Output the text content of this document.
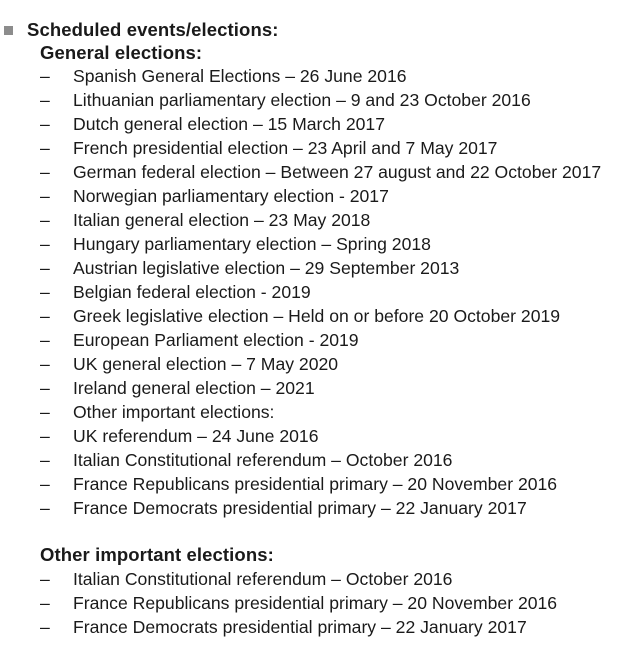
Scheduled events/elections:
General elections:
–	Spanish General Elections – 26 June 2016
–	Lithuanian parliamentary election – 9 and 23 October 2016
–	Dutch general election – 15 March 2017
–	French presidential election – 23 April and 7 May 2017
–	German federal election – Between 27 august and 22 October 2017
–	Norwegian parliamentary election - 2017
–	Italian general election – 23 May 2018
–	Hungary parliamentary election – Spring 2018
–	Austrian legislative election – 29 September 2013
–	Belgian federal election - 2019
–	Greek legislative election – Held on or before 20 October 2019
–	European Parliament election - 2019
–	UK general election – 7 May 2020
–	Ireland general election – 2021
–	Other important elections:
–	UK referendum – 24 June 2016
–	Italian Constitutional referendum – October 2016
–	France Republicans presidential primary – 20 November 2016
–	France Democrats presidential primary – 22 January 2017
Other important elections:
–	Italian Constitutional referendum – October 2016
–	France Republicans presidential primary – 20 November 2016
–	France Democrats presidential primary – 22 January 2017
